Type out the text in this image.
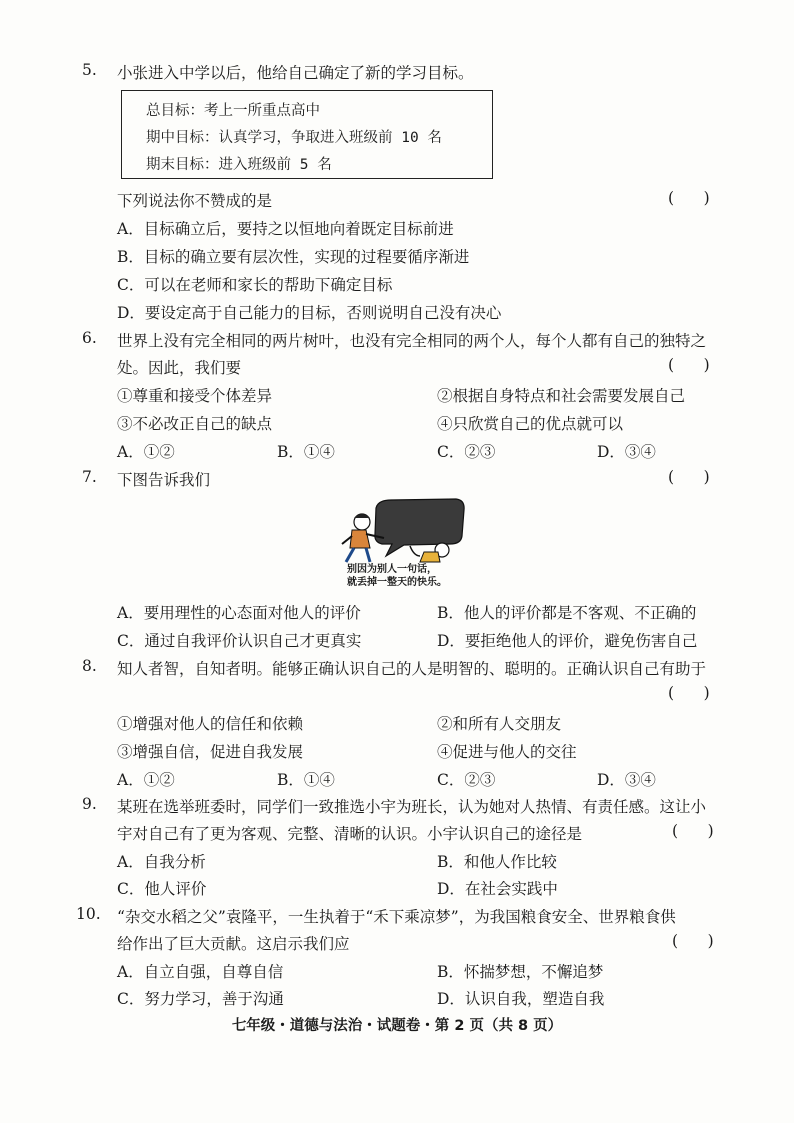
5. 小张进入中学以后，他给自己确定了新的学习目标。
总目标：考上一所重点高中
期中目标：认真学习，争取进入班级前 10 名
期末目标：进入班级前 5 名
下列说法你不赞成的是	(      )
A．目标确立后，要持之以恒地向着既定目标前进
B．目标的确立要有层次性，实现的过程要循序渐进
C．可以在老师和家长的帮助下确定目标
D．要设定高于自己能力的目标，否则说明自己没有决心
6. 世界上没有完全相同的两片树叶，也没有完全相同的两个人，每个人都有自己的独特之
处。因此，我们要	(      )
①尊重和接受个体差异	②根据自身特点和社会需要发展自己
③不必改正自己的缺点	④只欣赏自己的优点就可以
A．①②	B．①④	C．②③	D．③④
7. 下图告诉我们	(      )
别因为别人一句话，
就丢掉一整天的快乐。
A．要用理性的心态面对他人的评价	B．他人的评价都是不客观、不正确的
C．通过自我评价认识自己才更真实	D．要拒绝他人的评价，避免伤害自己
8. 知人者智，自知者明。能够正确认识自己的人是明智的、聪明的。正确认识自己有助于
(      )
①增强对他人的信任和依赖	②和所有人交朋友
③增强自信，促进自我发展	④促进与他人的交往
A．①②	B．①④	C．②③	D．③④
9. 某班在选举班委时，同学们一致推选小宇为班长，认为她对人热情、有责任感。这让小
宇对自己有了更为客观、完整、清晰的认识。小宇认识自己的途径是	(      )
A．自我分析	B．和他人作比较
C．他人评价	D．在社会实践中
10. “杂交水稻之父”袁隆平，一生执着于“禾下乘凉梦”，为我国粮食安全、世界粮食供
给作出了巨大贡献。这启示我们应	(      )
A．自立自强，自尊自信	B．怀揣梦想，不懈追梦
C．努力学习，善于沟通	D．认识自我，塑造自我
七年级・道德与法治・试题卷・第 2 页（共 8 页）
